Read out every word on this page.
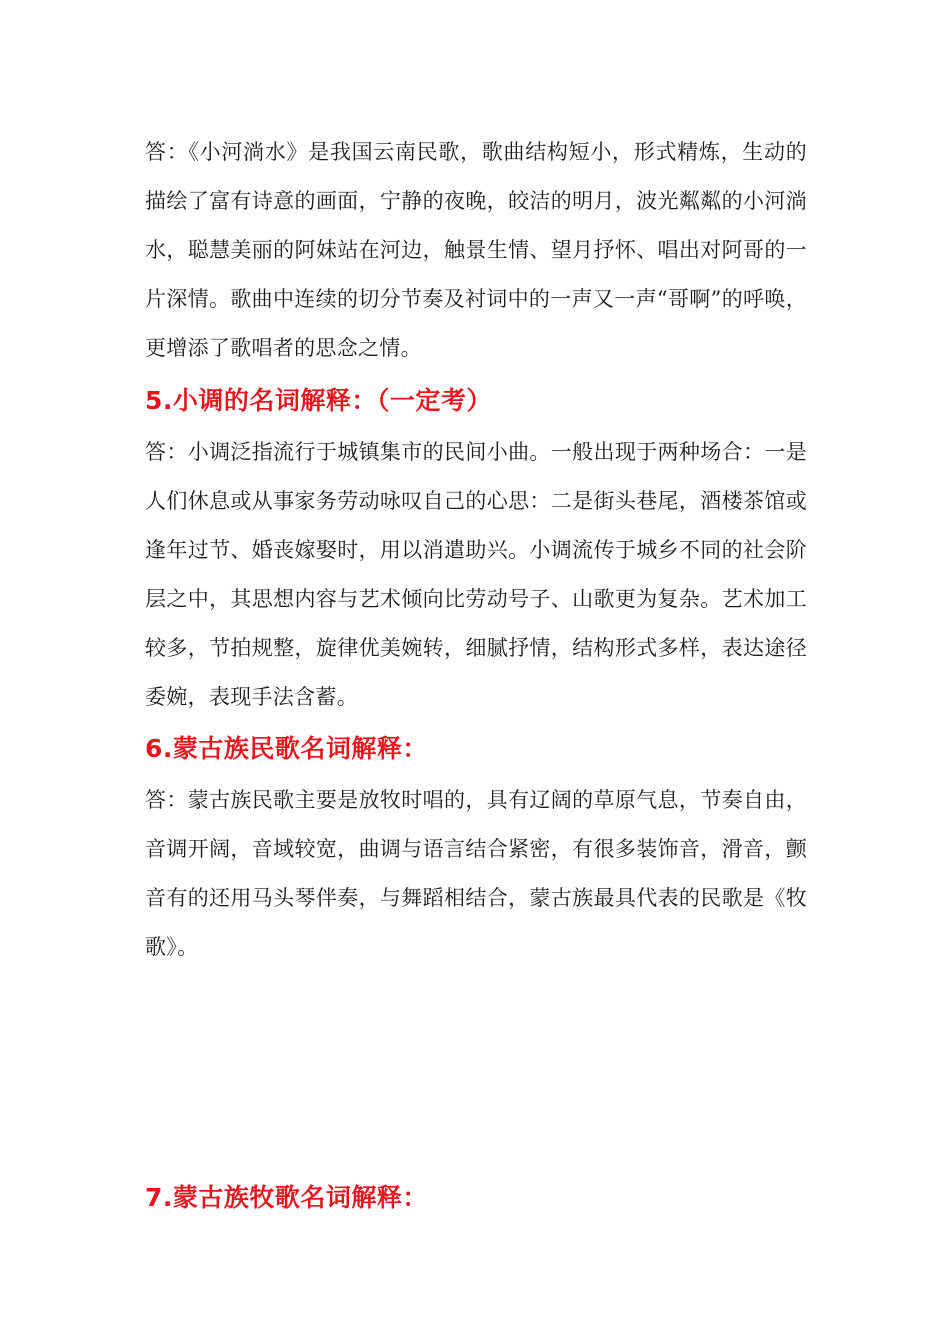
答：《小河淌水》是我国云南民歌，歌曲结构短小，形式精炼，生动的描绘了富有诗意的画面，宁静的夜晚，皎洁的明月，波光粼粼的小河淌水，聪慧美丽的阿妹站在河边，触景生情、望月抒怀、唱出对阿哥的一片深情。歌曲中连续的切分节奏及衬词中的一声又一声“哥啊”的呼唤，更增添了歌唱者的思念之情。

5.小调的名词解释：（一定考）

答：小调泛指流行于城镇集市的民间小曲。一般出现于两种场合：一是人们休息或从事家务劳动咏叹自己的心思：二是街头巷尾，酒楼茶馆或逢年过节、婚丧嫁娶时，用以消遣助兴。小调流传于城乡不同的社会阶层之中，其思想内容与艺术倾向比劳动号子、山歌更为复杂。艺术加工较多，节拍规整，旋律优美婉转，细腻抒情，结构形式多样，表达途径委婉，表现手法含蓄。

6.蒙古族民歌名词解释：

答：蒙古族民歌主要是放牧时唱的，具有辽阔的草原气息，节奏自由，音调开阔，音域较宽，曲调与语言结合紧密，有很多装饰音，滑音，颤音有的还用马头琴伴奏，与舞蹈相结合，蒙古族最具代表的民歌是《牧歌》。

7.蒙古族牧歌名词解释：
